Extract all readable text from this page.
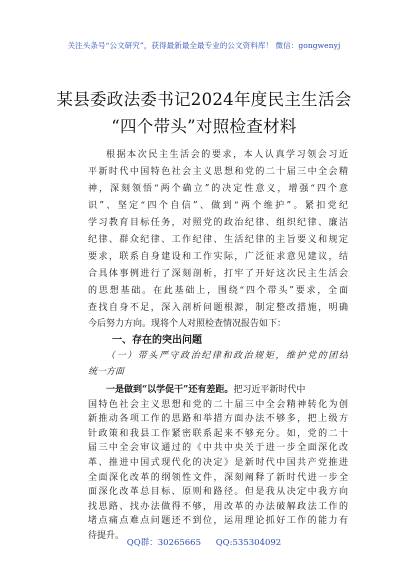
关注头条号“公文研究”，获得最新最全最专业的公文资料库！ 微信：gongwenyj
某县委政法委书记2024年度民主生活会
“四个带头”对照检查材料
根据本次民主生活会的要求，本人认真学习领会习近
平新时代中国特色社会主义思想和党的二十届三中全会精
神，深刻领悟“两个确立”的决定性意义，增强“四个意
识”、坚定“四个自信”、做到“两个维护”。紧扣党纪
学习教育目标任务，对照党的政治纪律、组织纪律、廉洁
纪律、群众纪律、工作纪律、生活纪律的主旨要义和规定
要求，联系自身建设和工作实际，广泛征求意见建议，结
合具体事例进行了深刻剖析，打牢了开好这次民主生活会
的思想基础。在此基础上，围绕“四个带头”要求，全面
查找自身不足，深入剖析问题根源，制定整改措施，明确
一、存在的突出问题
（一）带头严守政治纪律和政治规矩，维护党的团结
统一方面
一是做到“以学促干”还有差距。把习近平新时代中
国特色社会主义思想和党的二十届三中全会精神转化为创
新推动各项工作的思路和举措方面办法不够多，把上级方
针政策和我县工作紧密联系起来不够充分。如，党的二十
届三中全会审议通过的《中共中央关于进一步全面深化改
革、推进中国式现代化的决定》是新时代中国共产党推进
全面深化改革的纲领性文件，深刻阐释了新时代进一步全
面深化改革总目标、原则和路径。但是我从决定中我方向
找思路、找办法做得不够，用改革的办法破解政法工作的
QQ群：30265665 QQ:535304092
今后努力方向。现将个人对照检查情况报告如下：
堵点痛点难点问题还不到位，运用理论抓好工作的能力有
待提升。
